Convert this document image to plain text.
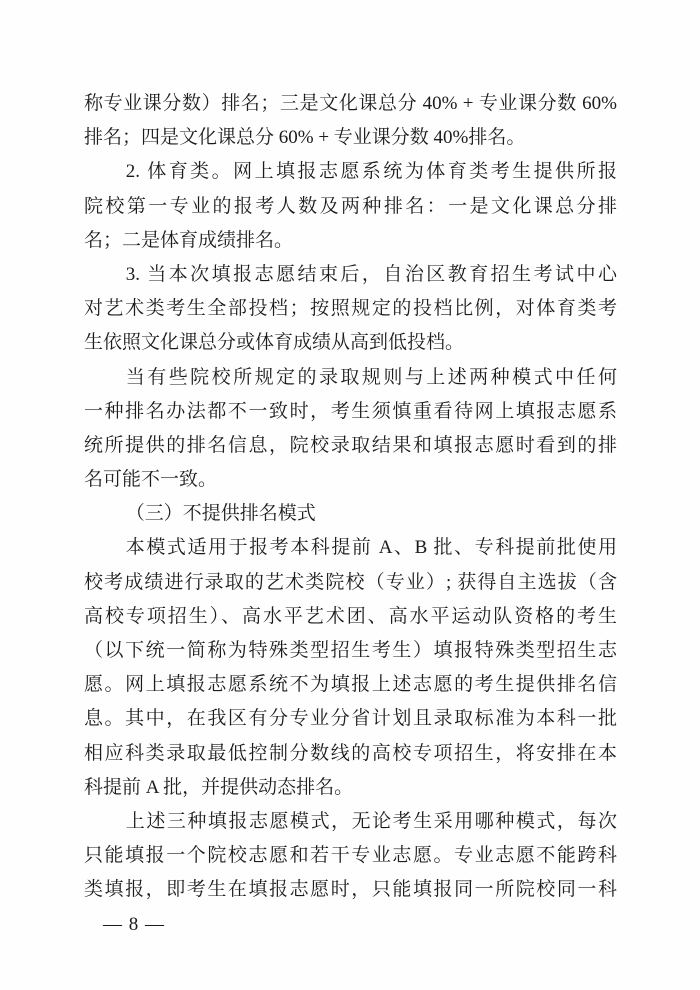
称专业课分数）排名；三是文化课总分 40% + 专业课分数 60%
排名；四是文化课总分 60% + 专业课分数 40%排名。
2. 体育类。网上填报志愿系统为体育类考生提供所报
院校第一专业的报考人数及两种排名：一是文化课总分排
名；二是体育成绩排名。
3. 当本次填报志愿结束后，自治区教育招生考试中心
对艺术类考生全部投档；按照规定的投档比例，对体育类考
生依照文化课总分或体育成绩从高到低投档。
当有些院校所规定的录取规则与上述两种模式中任何
一种排名办法都不一致时，考生须慎重看待网上填报志愿系
统所提供的排名信息，院校录取结果和填报志愿时看到的排
名可能不一致。
（三）不提供排名模式
本模式适用于报考本科提前 A、B 批、专科提前批使用
校考成绩进行录取的艺术类院校（专业）; 获得自主选拔（含
高校专项招生）、高水平艺术团、高水平运动队资格的考生
（以下统一简称为特殊类型招生考生）填报特殊类型招生志
愿。网上填报志愿系统不为填报上述志愿的考生提供排名信
息。其中，在我区有分专业分省计划且录取标准为本科一批
相应科类录取最低控制分数线的高校专项招生，将安排在本
科提前 A 批，并提供动态排名。
上述三种填报志愿模式，无论考生采用哪种模式，每次
只能填报一个院校志愿和若干专业志愿。专业志愿不能跨科
类填报，即考生在填报志愿时，只能填报同一所院校同一科
— 8 —
